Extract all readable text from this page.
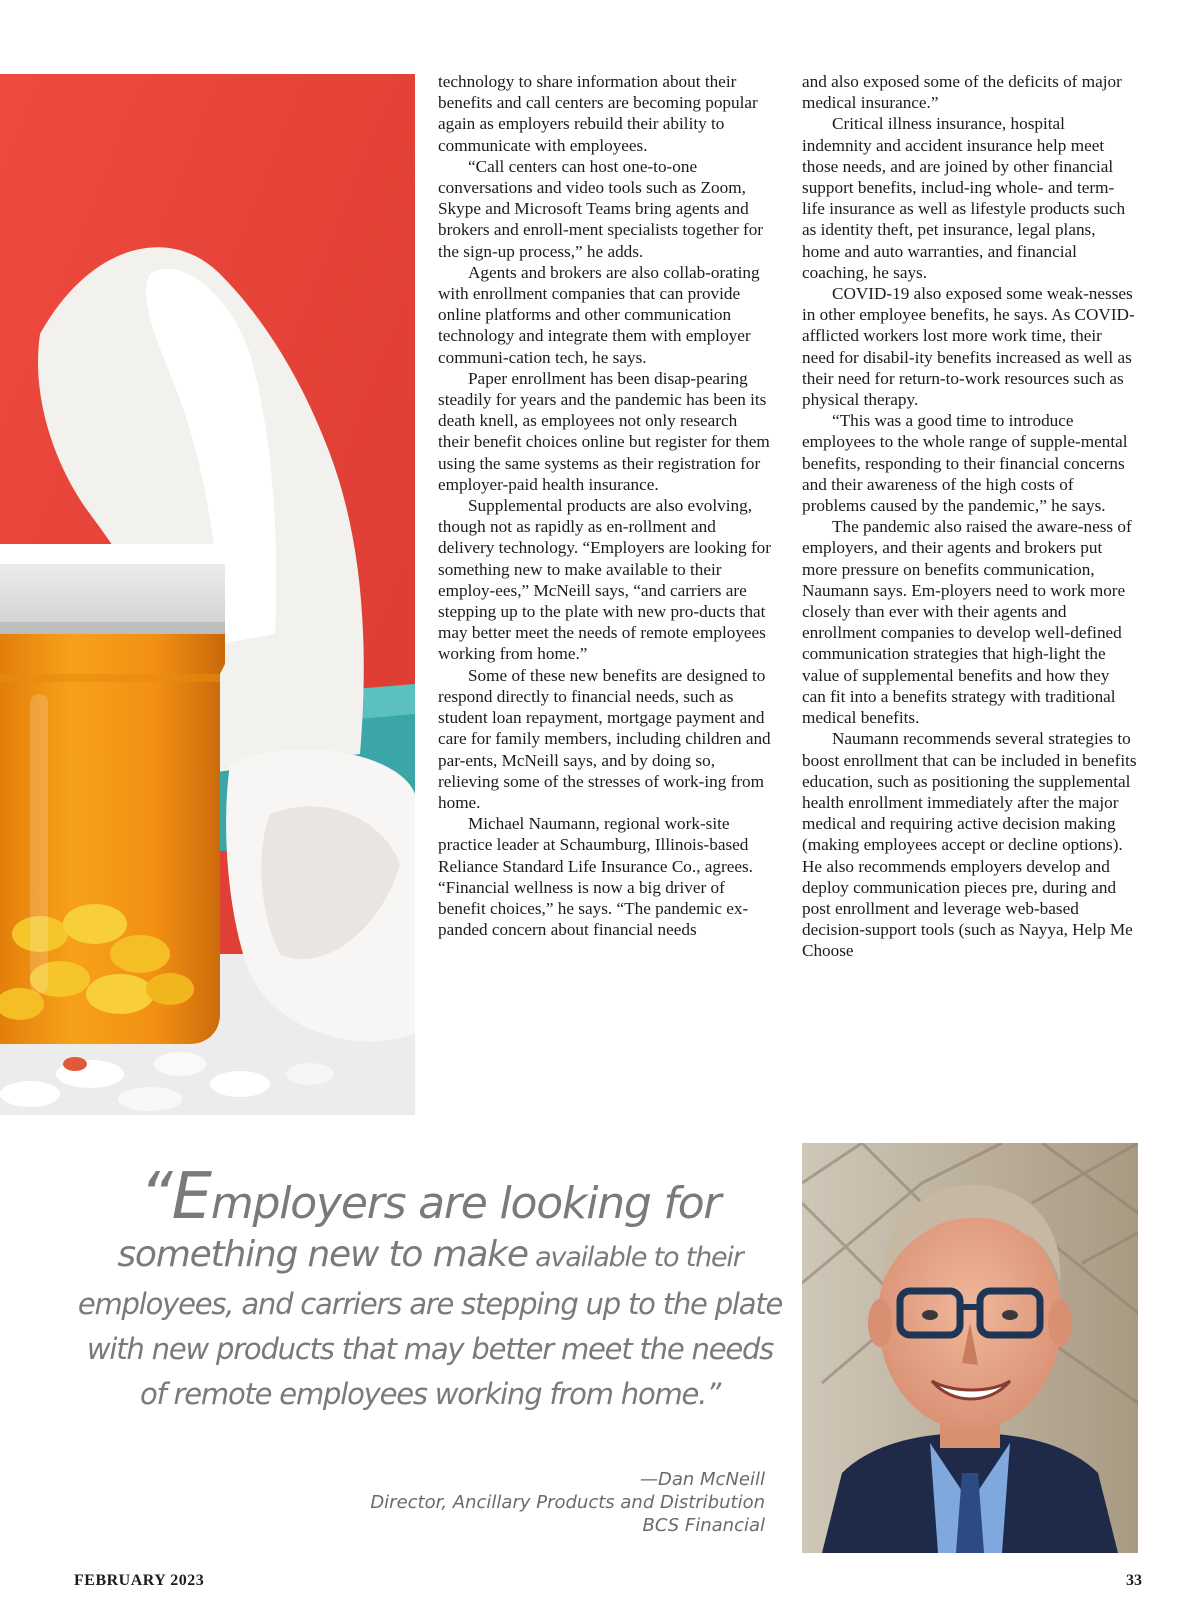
technology to share information about their benefits and call centers are becoming popular again as employers rebuild their ability to communicate with employees.

“Call centers can host one-to-one conversations and video tools such as Zoom, Skype and Microsoft Teams bring agents and brokers and enroll-ment specialists together for the sign-up process,” he adds.

Agents and brokers are also collab-orating with enrollment companies that can provide online platforms and other communication technology and integrate them with employer communi-cation tech, he says.

Paper enrollment has been disap-pearing steadily for years and the pandemic has been its death knell, as employees not only research their benefit choices online but register for them using the same systems as their registration for employer-paid health insurance.

Supplemental products are also evolving, though not as rapidly as en-rollment and delivery technology. “Employers are looking for something new to make available to their employ-ees,” McNeill says, “and carriers are stepping up to the plate with new pro-ducts that may better meet the needs of remote employees working from home.”

Some of these new benefits are designed to respond directly to financial needs, such as student loan repayment, mortgage payment and care for family members, including children and par-ents, McNeill says, and by doing so, relieving some of the stresses of work-ing from home.

Michael Naumann, regional work-site practice leader at Schaumburg, Illinois-based Reliance Standard Life Insurance Co., agrees. “Financial wellness is now a big driver of benefit choices,” he says. “The pandemic ex-panded concern about financial needs

and also exposed some of the deficits of major medical insurance.”

Critical illness insurance, hospital indemnity and accident insurance help meet those needs, and are joined by other financial support benefits, includ-ing whole- and term-life insurance as well as lifestyle products such as identity theft, pet insurance, legal plans, home and auto warranties, and financial coaching, he says.

COVID-19 also exposed some weak-nesses in other employee benefits, he says. As COVID-afflicted workers lost more work time, their need for disabil-ity benefits increased as well as their need for return-to-work resources such as physical therapy.

“This was a good time to introduce employees to the whole range of supple-mental benefits, responding to their financial concerns and their awareness of the high costs of problems caused by the pandemic,” he says.

The pandemic also raised the aware-ness of employers, and their agents and brokers put more pressure on benefits communication, Naumann says. Em-ployers need to work more closely than ever with their agents and enrollment companies to develop well-defined communication strategies that high-light the value of supplemental benefits and how they can fit into a benefits strategy with traditional medical benefits.

Naumann recommends several strategies to boost enrollment that can be included in benefits education, such as positioning the supplemental health enrollment immediately after the major medical and requiring active decision making (making employees accept or decline options). He also recommends employers develop and deploy communication pieces pre, during and post enrollment and leverage web-based decision-support tools (such as Nayya, Help Me Choose

“Employers are looking for
something new to make available to their
employees, and carriers are stepping up to the plate
with new products that may better meet the needs
of remote employees working from home.”
—Dan McNeill
Director, Ancillary Products and Distribution
BCS Financial
FEBRUARY 2023	33
